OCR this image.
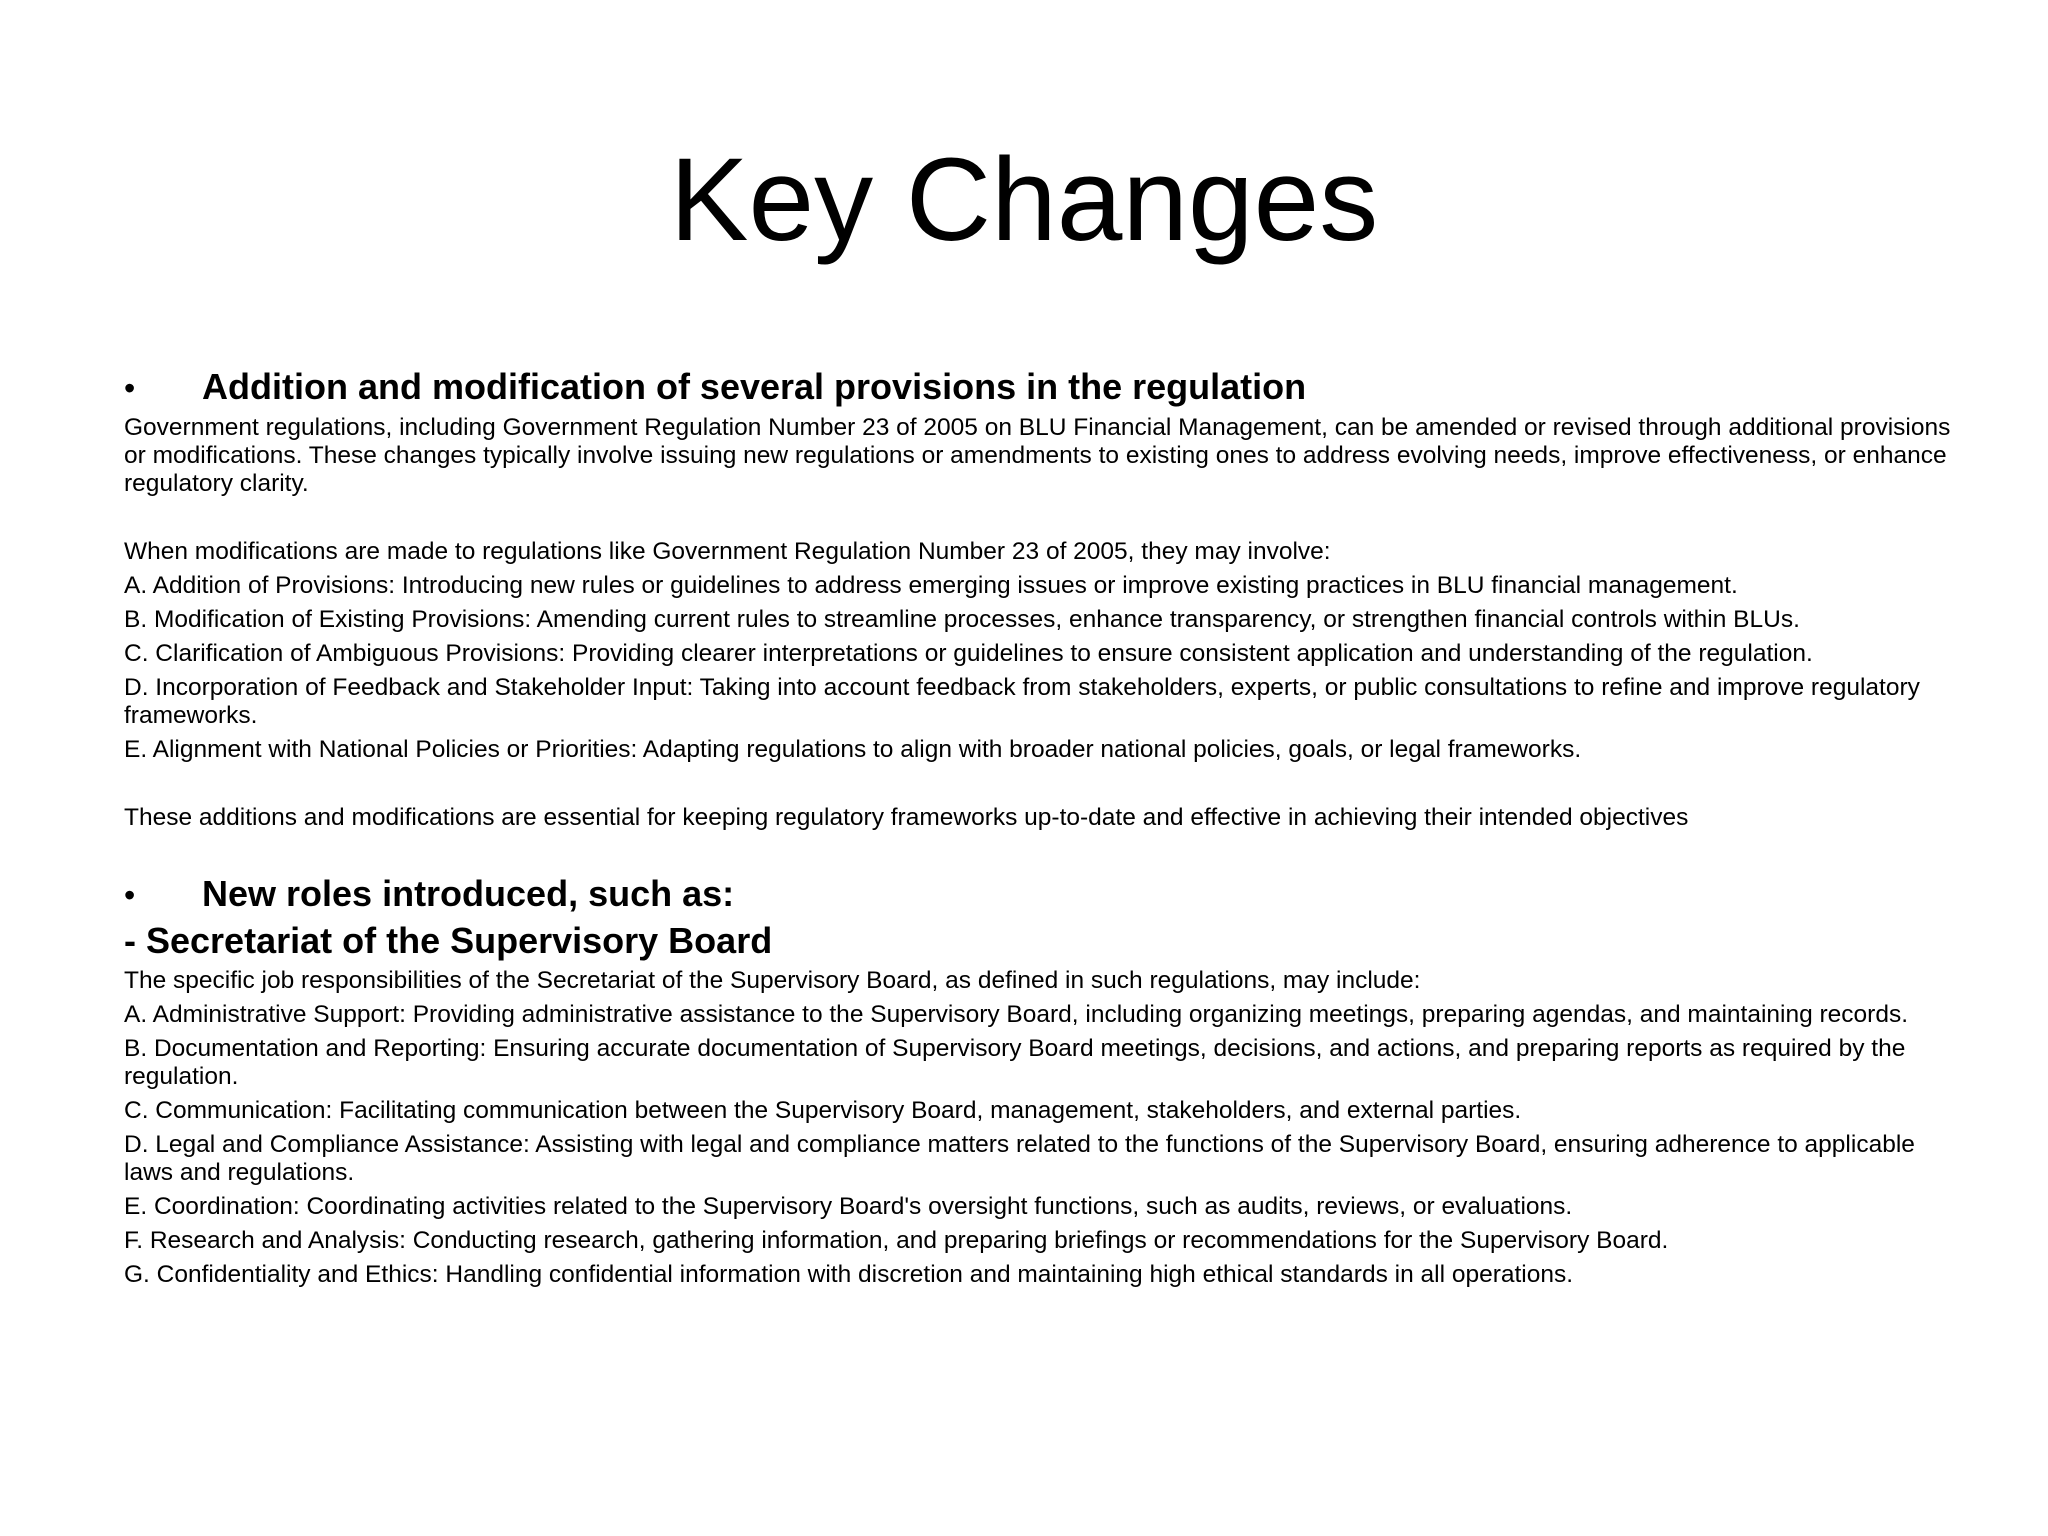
Key Changes
•	Addition and modification of several provisions in the regulation

Government regulations, including Government Regulation Number 23 of 2005 on BLU Financial Management, can be amended or revised through additional provisions or modifications. These changes typically involve issuing new regulations or amendments to existing ones to address evolving needs, improve effectiveness, or enhance regulatory clarity.

When modifications are made to regulations like Government Regulation Number 23 of 2005, they may involve:

A. Addition of Provisions: Introducing new rules or guidelines to address emerging issues or improve existing practices in BLU financial management.
B. Modification of Existing Provisions: Amending current rules to streamline processes, enhance transparency, or strengthen financial controls within BLUs.
C. Clarification of Ambiguous Provisions: Providing clearer interpretations or guidelines to ensure consistent application and understanding of the regulation.
D. Incorporation of Feedback and Stakeholder Input: Taking into account feedback from stakeholders, experts, or public consultations to refine and improve regulatory frameworks.
E. Alignment with National Policies or Priorities: Adapting regulations to align with broader national policies, goals, or legal frameworks.

These additions and modifications are essential for keeping regulatory frameworks up-to-date and effective in achieving their intended objectives

•	New roles introduced, such as:
- Secretariat of the Supervisory Board

The specific job responsibilities of the Secretariat of the Supervisory Board, as defined in such regulations, may include:

A. Administrative Support: Providing administrative assistance to the Supervisory Board, including organizing meetings, preparing agendas, and maintaining records.
B. Documentation and Reporting: Ensuring accurate documentation of Supervisory Board meetings, decisions, and actions, and preparing reports as required by the regulation.
C. Communication: Facilitating communication between the Supervisory Board, management, stakeholders, and external parties.
D. Legal and Compliance Assistance: Assisting with legal and compliance matters related to the functions of the Supervisory Board, ensuring adherence to applicable laws and regulations.
E. Coordination: Coordinating activities related to the Supervisory Board's oversight functions, such as audits, reviews, or evaluations.
F. Research and Analysis: Conducting research, gathering information, and preparing briefings or recommendations for the Supervisory Board.
G. Confidentiality and Ethics: Handling confidential information with discretion and maintaining high ethical standards in all operations.
